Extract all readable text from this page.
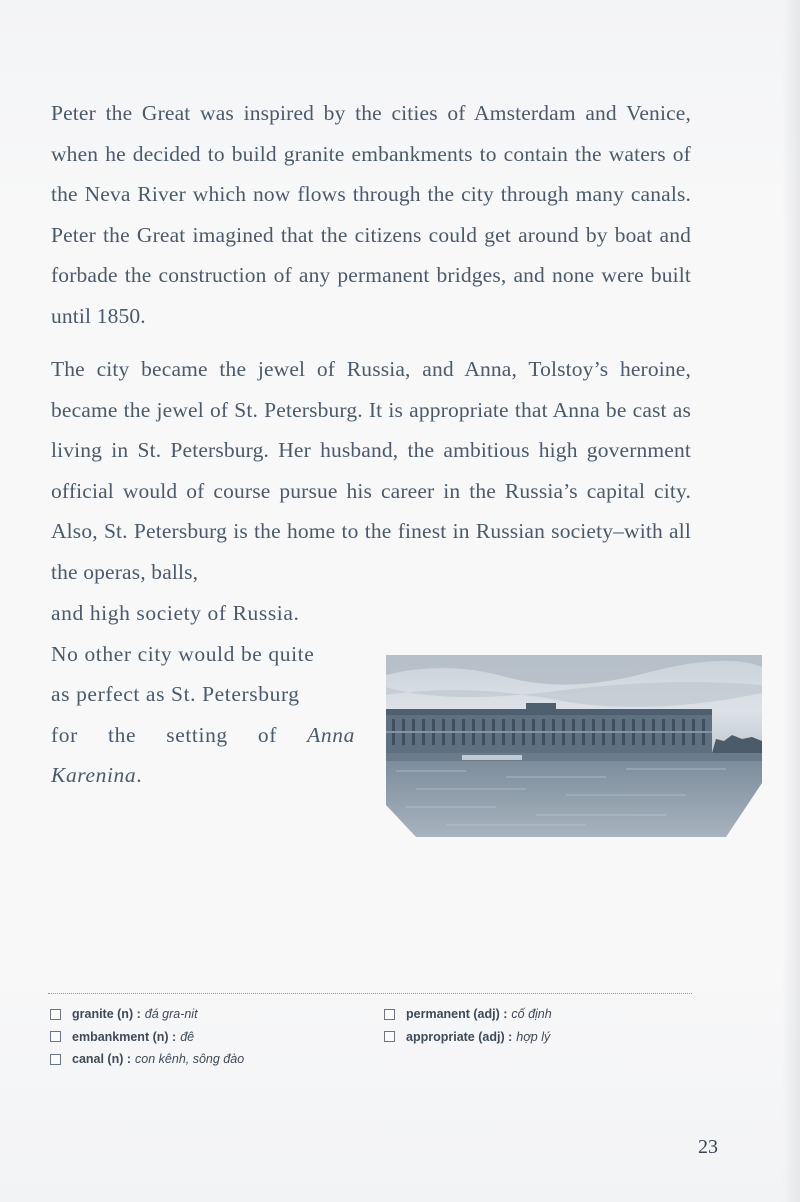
Peter the Great was inspired by the cities of Amsterdam and Venice, when he decided to build granite embankments to contain the waters of the Neva River which now flows through the city through many canals. Peter the Great imagined that the citizens could get around by boat and forbade the construction of any permanent bridges, and none were built until 1850.

The city became the jewel of Russia, and Anna, Tolstoy’s heroine, became the jewel of St. Petersburg. It is appropriate that Anna be cast as living in St. Petersburg. Her husband, the ambitious high government official would of course pursue his career in the Russia’s capital city. Also, St. Petersburg is the home to the finest in Russian society–with all the operas, balls,

and high society of Russia.
No other city would be quite
as perfect as St. Petersburg
for the setting of Anna
Karenina.
granite (n) : đá gra-nit
embankment (n) : đê
canal (n) : con kênh, sông đào
permanent (adj) : cố định
appropriate (adj) : hợp lý
23
